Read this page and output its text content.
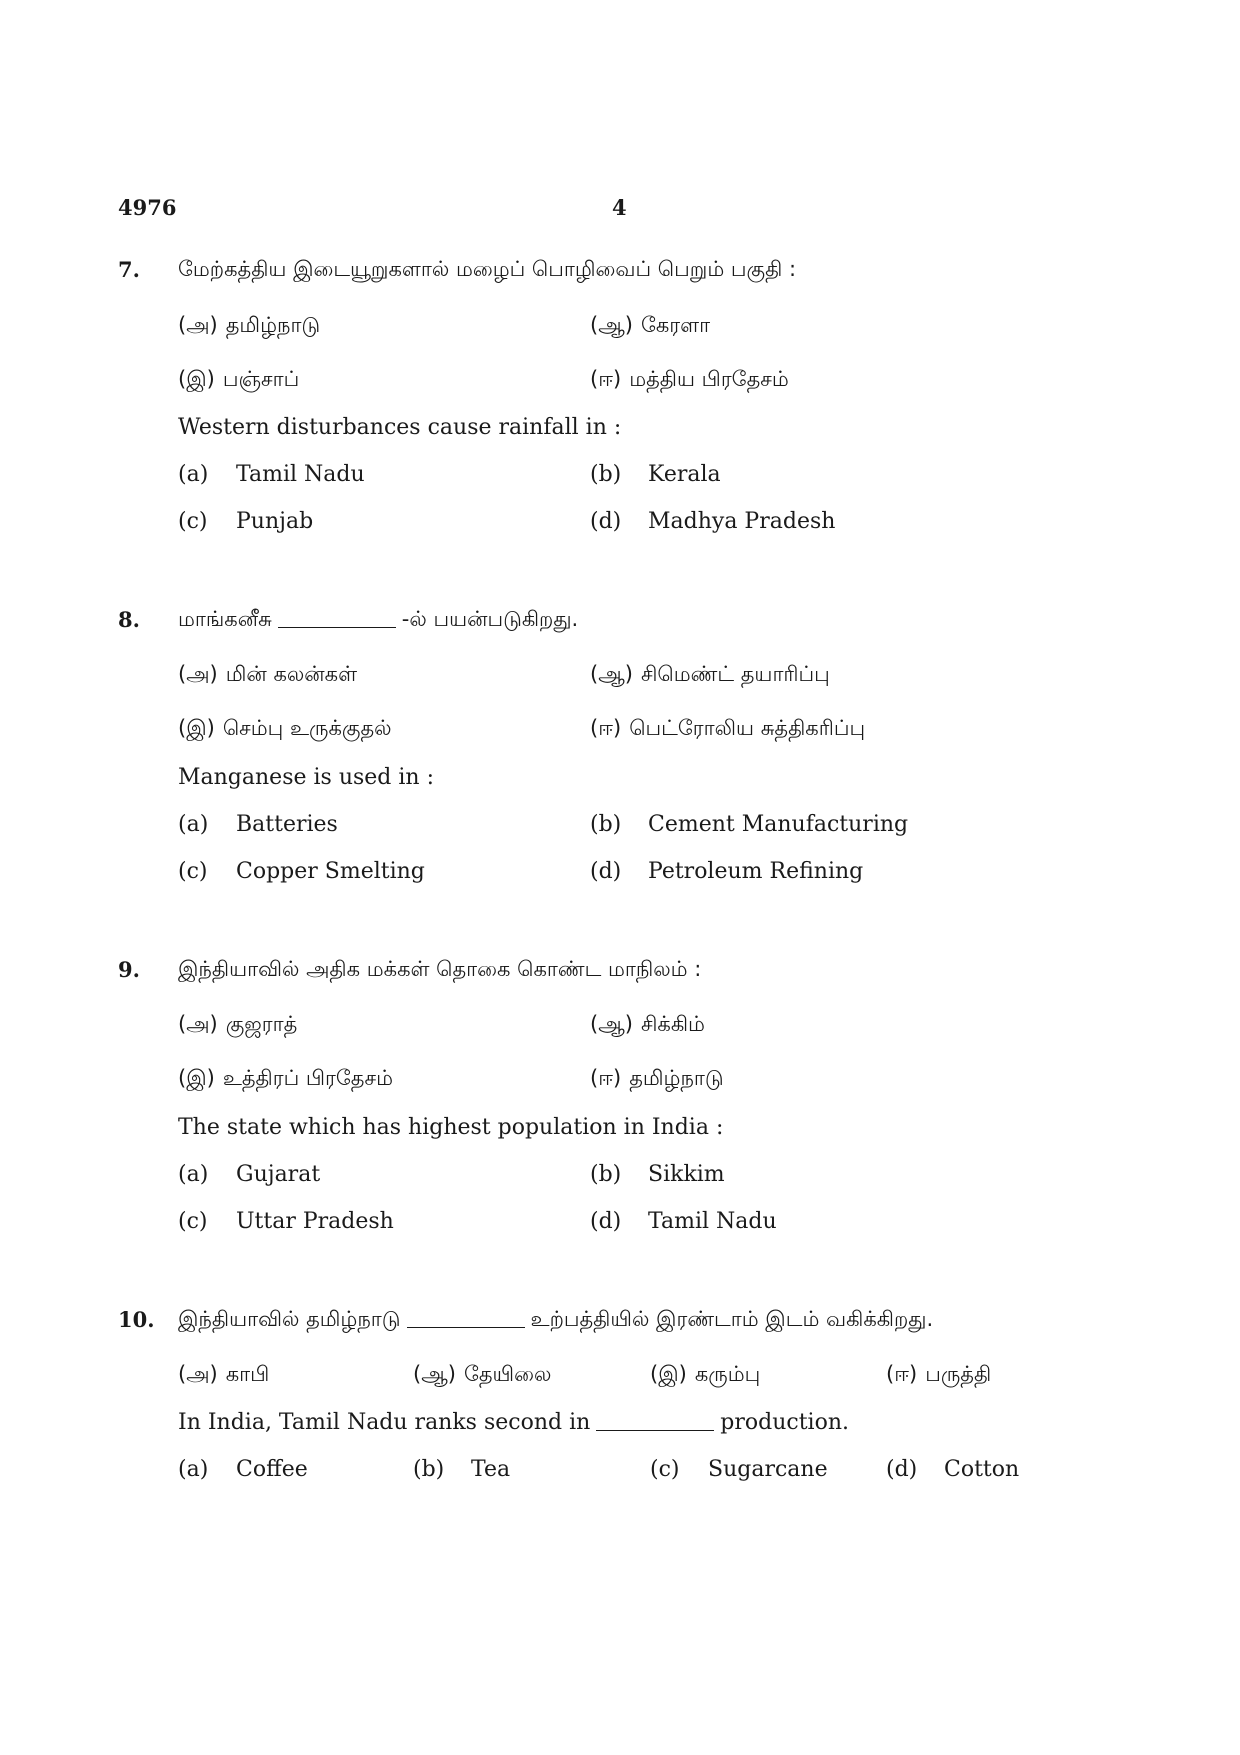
4976	4
7. மேற்கத்திய இடையூறுகளால் மழைப் பொழிவைப் பெறும் பகுதி :
(அ) தமிழ்நாடு	(ஆ) கேரளா
(இ) பஞ்சாப்	(ஈ) மத்திய பிரதேசம்
Western disturbances cause rainfall in :
(a) Tamil Nadu	(b) Kerala
(c) Punjab	(d) Madhya Pradesh
8. மாங்கனீசு	-ல் பயன்படுகிறது.
(அ) மின் கலன்கள்	(ஆ) சிமெண்ட் தயாரிப்பு
(இ) செம்பு உருக்குதல்	(ஈ) பெட்ரோலிய சுத்திகரிப்பு
Manganese is used in :
(a) Batteries	(b) Cement Manufacturing
(c) Copper Smelting	(d) Petroleum Refining
9. இந்தியாவில் அதிக மக்கள் தொகை கொண்ட மாநிலம் :
(அ) குஜராத்	(ஆ) சிக்கிம்
(இ) உத்திரப் பிரதேசம்	(ஈ) தமிழ்நாடு
The state which has highest population in India :
(a) Gujarat	(b) Sikkim
(c) Uttar Pradesh	(d) Tamil Nadu
10. இந்தியாவில் தமிழ்நாடு	உற்பத்தியில் இரண்டாம் இடம் வகிக்கிறது.
(அ) காபி	(ஆ) தேயிலை	(இ) கரும்பு	(ஈ) பருத்தி
In India, Tamil Nadu ranks second in	production.
(a) Coffee	(b) Tea	(c) Sugarcane	(d) Cotton
